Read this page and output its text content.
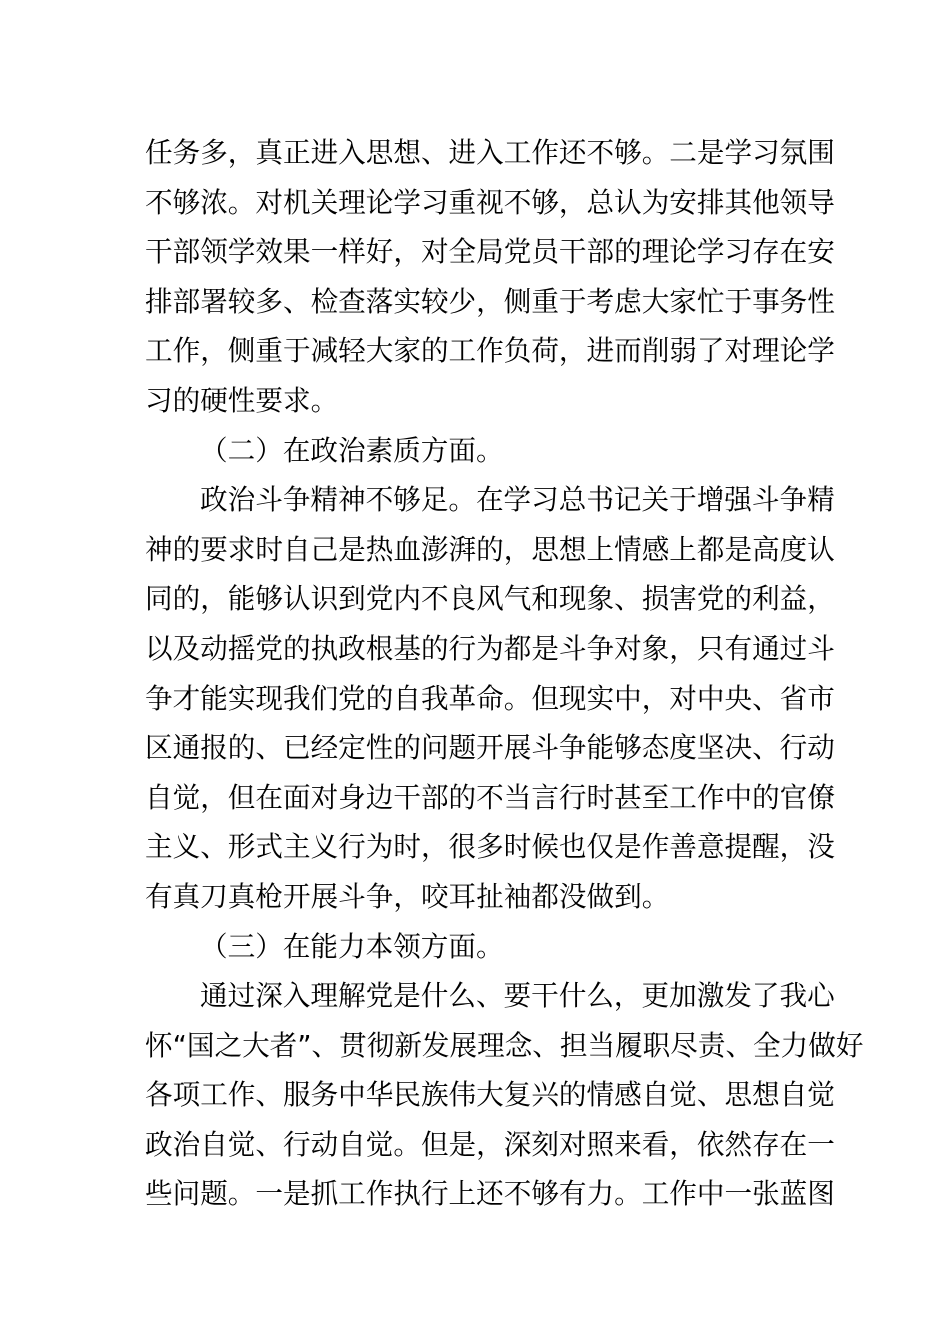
任务多，真正进入思想、进入工作还不够。二是学习氛围
不够浓。对机关理论学习重视不够，总认为安排其他领导
干部领学效果一样好，对全局党员干部的理论学习存在安
排部署较多、检查落实较少，侧重于考虑大家忙于事务性
工作，侧重于减轻大家的工作负荷，进而削弱了对理论学
习的硬性要求。
（二）在政治素质方面。
政治斗争精神不够足。在学习总书记关于增强斗争精
神的要求时自己是热血澎湃的，思想上情感上都是高度认
同的，能够认识到党内不良风气和现象、损害党的利益，
以及动摇党的执政根基的行为都是斗争对象，只有通过斗
争才能实现我们党的自我革命。但现实中，对中央、省市
区通报的、已经定性的问题开展斗争能够态度坚决、行动
自觉，但在面对身边干部的不当言行时甚至工作中的官僚
主义、形式主义行为时，很多时候也仅是作善意提醒，没
有真刀真枪开展斗争，咬耳扯袖都没做到。
（三）在能力本领方面。
通过深入理解党是什么、要干什么，更加激发了我心
怀“国之大者”、贯彻新发展理念、担当履职尽责、全力做好
各项工作、服务中华民族伟大复兴的情感自觉、思想自觉
政治自觉、行动自觉。但是，深刻对照来看，依然存在一
些问题。一是抓工作执行上还不够有力。工作中一张蓝图
